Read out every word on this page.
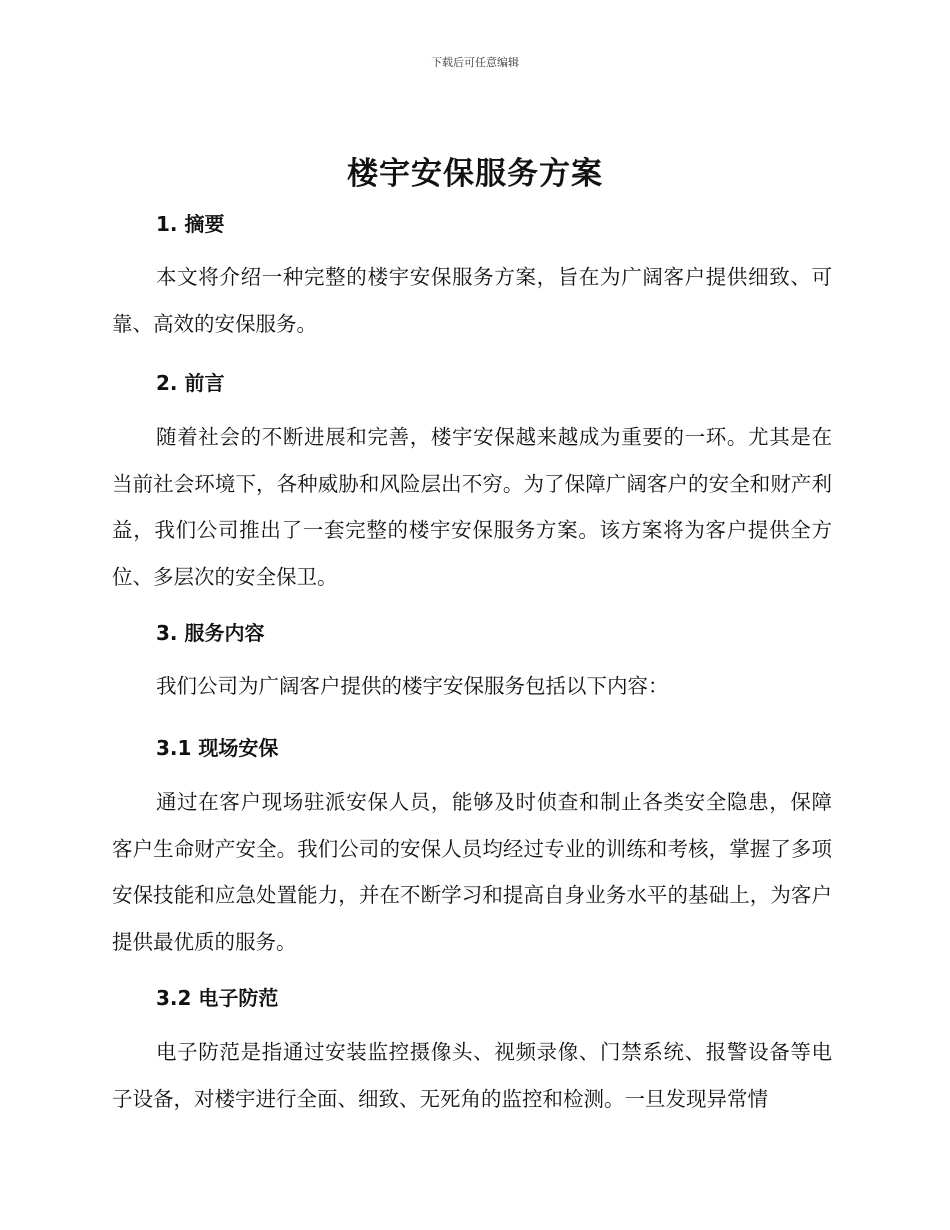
下载后可任意编辑
楼宇安保服务方案
1. 摘要

本文将介绍一种完整的楼宇安保服务方案，旨在为广阔客户提供细致、可靠、高效的安保服务。

2. 前言

随着社会的不断进展和完善，楼宇安保越来越成为重要的一环。尤其是在当前社会环境下，各种威胁和风险层出不穷。为了保障广阔客户的安全和财产利益，我们公司推出了一套完整的楼宇安保服务方案。该方案将为客户提供全方位、多层次的安全保卫。

3. 服务内容

我们公司为广阔客户提供的楼宇安保服务包括以下内容：

3.1 现场安保

通过在客户现场驻派安保人员，能够及时侦查和制止各类安全隐患，保障客户生命财产安全。我们公司的安保人员均经过专业的训练和考核，掌握了多项安保技能和应急处置能力，并在不断学习和提高自身业务水平的基础上，为客户提供最优质的服务。

3.2 电子防范

电子防范是指通过安装监控摄像头、视频录像、门禁系统、报警设备等电子设备，对楼宇进行全面、细致、无死角的监控和检测。一旦发现异常情
